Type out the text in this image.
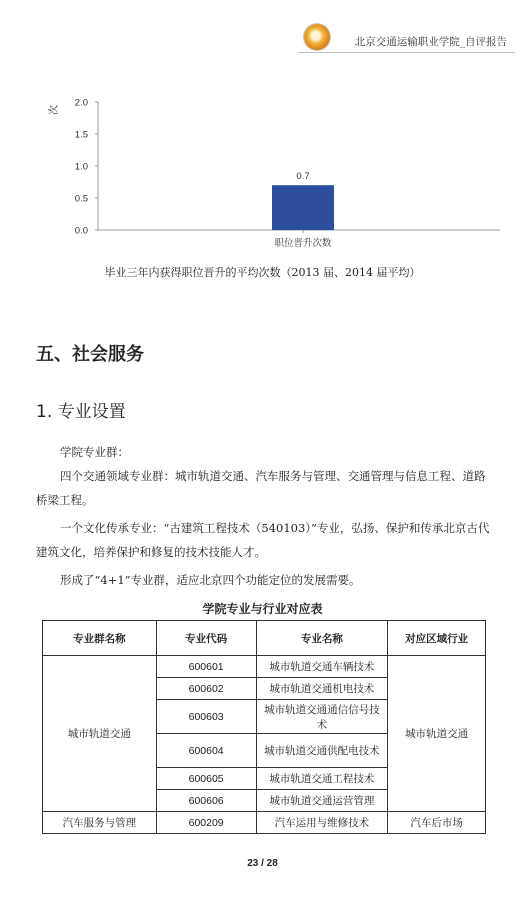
北京交通运输职业学院_自评报告
0.0
0.5
1.0
1.5
2.0
次
0.7
职位晋升次数
毕业三年内获得职位晋升的平均次数（2013 届、2014 届平均）
五、社会服务
1. 专业设置
学院专业群：
四个交通领域专业群：城市轨道交通、汽车服务与管理、交通管理与信息工程、道路桥梁工程。
一个文化传承专业：“古建筑工程技术（540103）”专业，弘扬、保护和传承北京古代建筑文化，培养保护和修复的技术技能人才。
形成了“4+1”专业群，适应北京四个功能定位的发展需要。
学院专业与行业对应表
专业群名称	专业代码	专业名称	对应区域行业
城市轨道交通	600601	城市轨道交通车辆技术	城市轨道交通
	600602	城市轨道交通机电技术	
	600603	城市轨道交通通信信号技术	
	600604	城市轨道交通供配电技术	
	600605	城市轨道交通工程技术	
	600606	城市轨道交通运营管理	
汽车服务与管理	600209	汽车运用与维修技术	汽车后市场
23 / 28
